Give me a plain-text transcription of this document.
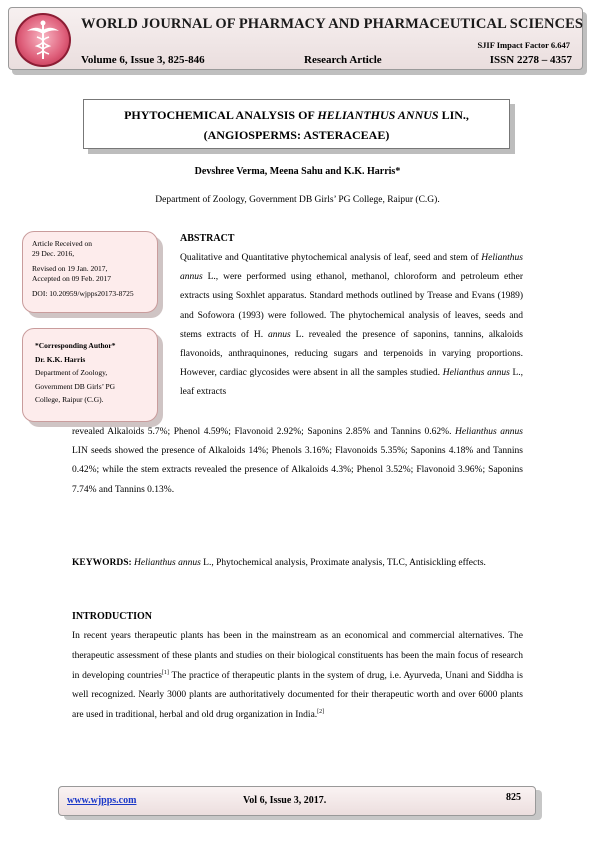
WORLD JOURNAL OF PHARMACY AND PHARMACEUTICAL SCIENCES
SJIF Impact Factor 6.647
Volume 6, Issue 3, 825-846	Research Article	ISSN 2278 – 4357
PHYTOCHEMICAL ANALYSIS OF HELIANTHUS ANNUS LIN.,
(ANGIOSPERMS: ASTERACEAE)
Devshree Verma, Meena Sahu and K.K. Harris*
Department of Zoology, Government DB Girls’ PG College, Raipur (C.G).
Article Received on
29 Dec. 2016,
Revised on 19 Jan. 2017,
Accepted on 09 Feb. 2017
DOI: 10.20959/wjpps20173-8725
*Corresponding Author*
Dr. K.K. Harris
Department of Zoology,
Government DB Girls’ PG
College, Raipur (C.G).
ABSTRACT

Qualitative and Quantitative phytochemical analysis of leaf, seed and stem of Helianthus annus L., were performed using ethanol, methanol, chloroform and petroleum ether extracts using Soxhlet apparatus. Standard methods outlined by Trease and Evans (1989) and Sofowora (1993) were followed. The phytochemical analysis of leaves, seeds and stems extracts of H. annus L. revealed the presence of saponins, tannins, alkaloids flavonoids, anthraquinones, reducing sugars and terpenoids in varying proportions. However, cardiac glycosides were absent in all the samples studied. Helianthus annus L., leaf extracts

revealed Alkaloids 5.7%; Phenol 4.59%; Flavonoid 2.92%; Saponins 2.85% and Tannins 0.62%. Helianthus annus LIN seeds showed the presence of Alkaloids 14%; Phenols 3.16%; Flavonoids 5.35%; Saponins 4.18% and Tannins 0.42%; while the stem extracts revealed the presence of Alkaloids 4.3%; Phenol 3.52%; Flavonoid 3.96%; Saponins 7.74% and Tannins 0.13%.
KEYWORDS: Helianthus annus L., Phytochemical analysis, Proximate analysis, TLC, Antisickling effects.
INTRODUCTION
In recent years therapeutic plants has been in the mainstream as an economical and commercial alternatives. The therapeutic assessment of these plants and studies on their biological constituents has been the main focus of research in developing countries[1] The practice of therapeutic plants in the system of drug, i.e. Ayurveda, Unani and Siddha is well recognized. Nearly 3000 plants are authoritatively documented for their therapeutic worth and over 6000 plants are used in traditional, herbal and old drug organization in India.[2]
www.wjpps.com	Vol 6, Issue 3, 2017.	825
